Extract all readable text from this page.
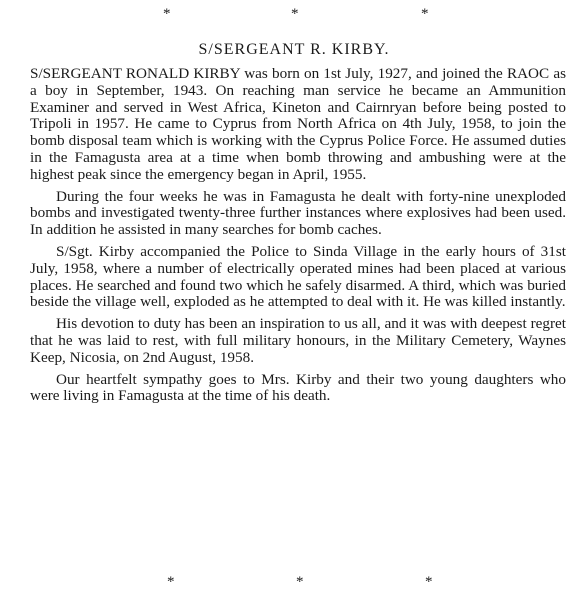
*	*	*
S/SERGEANT R. KIRBY.

S/SERGEANT RONALD KIRBY was born on 1st July, 1927, and joined the RAOC as a boy in September, 1943. On reaching man service he became an Ammunition Examiner and served in West Africa, Kineton and Cairnryan before being posted to Tripoli in 1957. He came to Cyprus from North Africa on 4th July, 1958, to join the bomb disposal team which is working with the Cyprus Police Force. He assumed duties in the Famagusta area at a time when bomb throwing and ambushing were at the highest peak since the emergency began in April, 1955.

During the four weeks he was in Famagusta he dealt with forty-nine unexploded bombs and investigated twenty-three further instances where explosives had been used. In addition he assisted in many searches for bomb caches.

S/Sgt. Kirby accompanied the Police to Sinda Village in the early hours of 31st July, 1958, where a number of electrically operated mines had been placed at various places. He searched and found two which he safely disarmed. A third, which was buried beside the village well, exploded as he attempted to deal with it. He was killed instantly.

His devotion to duty has been an inspiration to us all, and it was with deepest regret that he was laid to rest, with full military honours, in the Military Cemetery, Waynes Keep, Nicosia, on 2nd August, 1958.

Our heartfelt sympathy goes to Mrs. Kirby and their two young daughters who were living in Famagusta at the time of his death.

*	*	*
